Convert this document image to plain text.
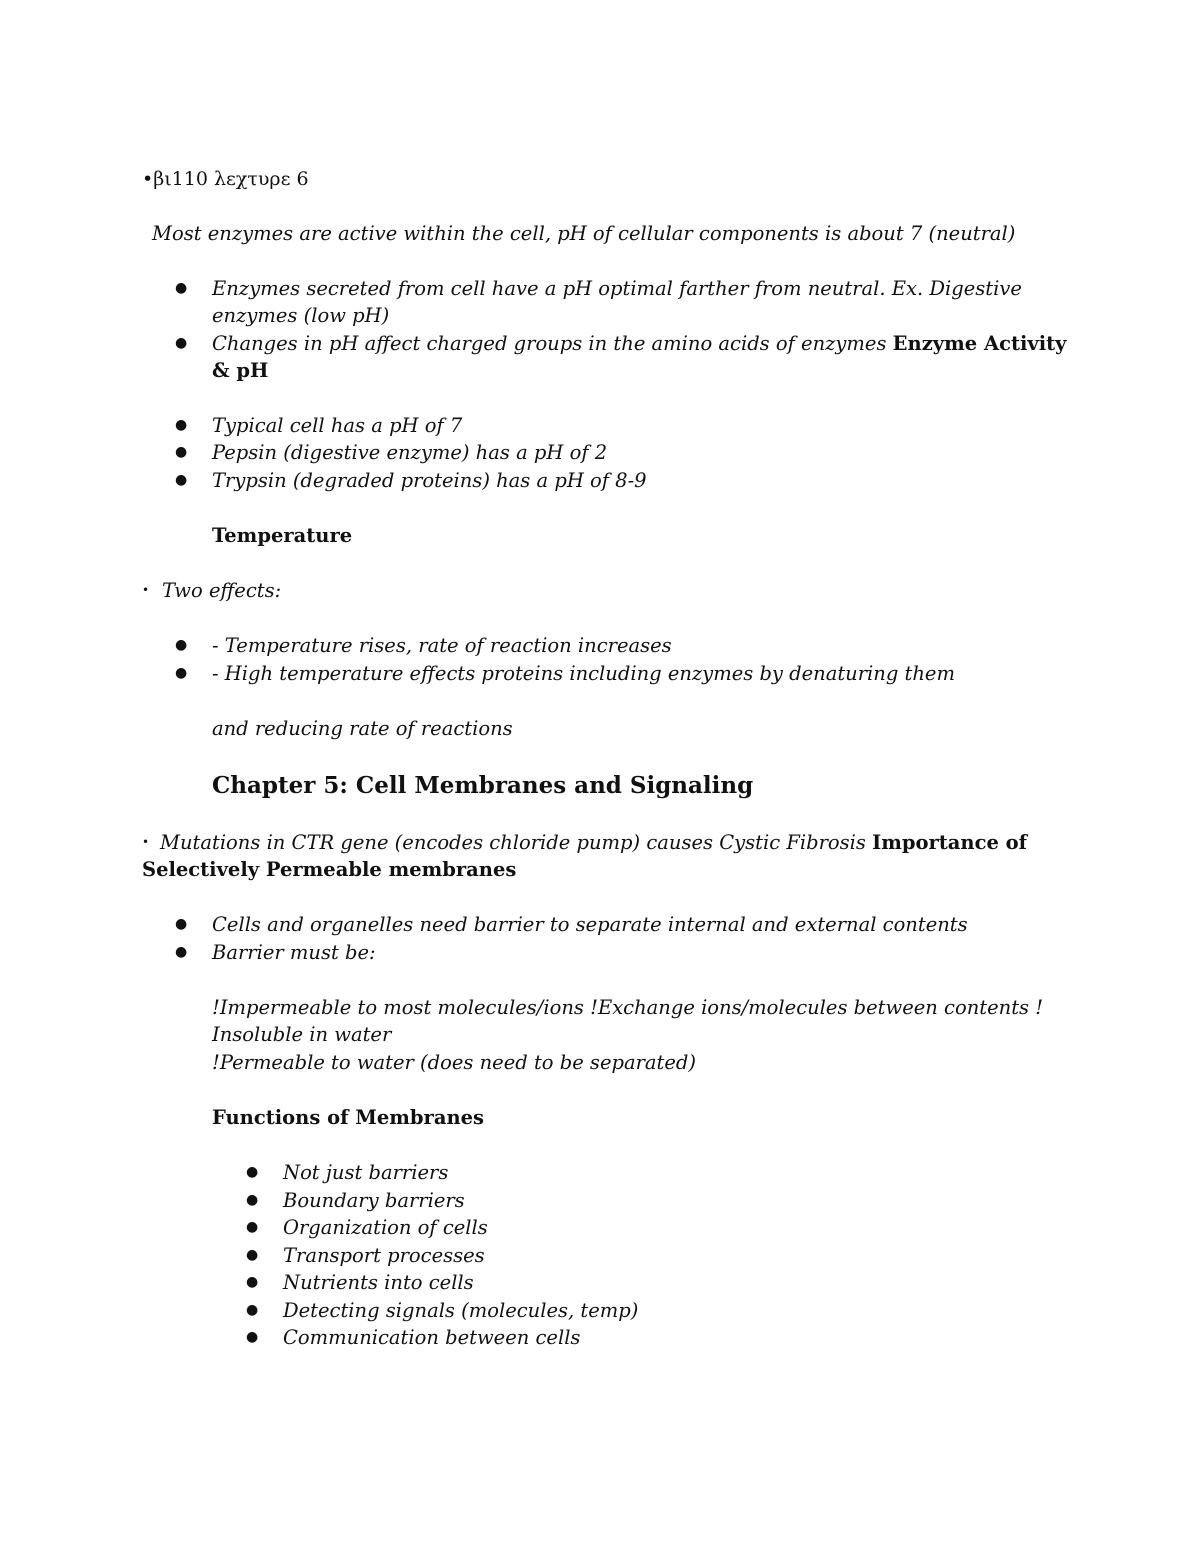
•βι110 λεχτυρε 6
Most enzymes are active within the cell, pH of cellular components is about 7 (neutral)
● Enzymes secreted from cell have a pH optimal farther from neutral. Ex. Digestive
enzymes (low pH)
● Changes in pH affect charged groups in the amino acids of enzymes Enzyme Activity
& pH
● Typical cell has a pH of 7
● Pepsin (digestive enzyme) has a pH of 2
● Trypsin (degraded proteins) has a pH of 8-9
Temperature
• Two effects:
● - Temperature rises, rate of reaction increases
● - High temperature effects proteins including enzymes by denaturing them
and reducing rate of reactions
Chapter 5: Cell Membranes and Signaling
• Mutations in CTR gene (encodes chloride pump) causes Cystic Fibrosis Importance of
Selectively Permeable membranes
● Cells and organelles need barrier to separate internal and external contents
● Barrier must be:
!Impermeable to most molecules/ions !Exchange ions/molecules between contents !
Insoluble in water
!Permeable to water (does need to be separated)
Functions of Membranes
● Not just barriers
● Boundary barriers
● Organization of cells
● Transport processes
● Nutrients into cells
● Detecting signals (molecules, temp)
● Communication between cells
